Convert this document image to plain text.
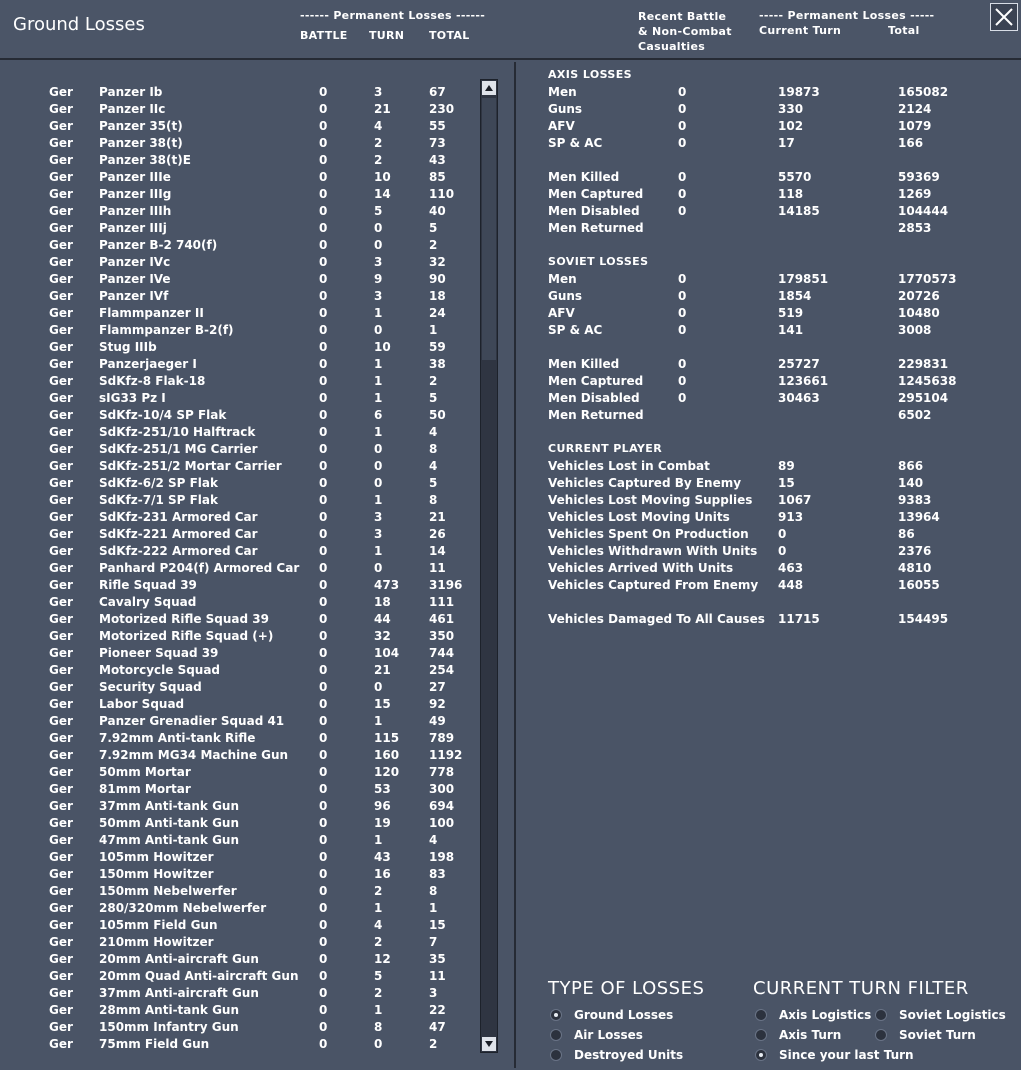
Ground Losses	------ Permanent Losses ------
BATTLE TURN TOTAL
Recent Battle
& Non-Combat
Casualties
----- Permanent Losses -----
Current Turn	Total
Ger Panzer Ib	0	3	67
Ger Panzer IIc	0	21	230
Ger Panzer 35(t)	0	4	55
Ger Panzer 38(t)	0	2	73
Ger Panzer 38(t)E	0	2	43
Ger Panzer IIIe	0	10	85
Ger Panzer IIIg	0	14	110
Ger Panzer IIIh	0	5	40
Ger Panzer IIIj	0	0	5
Ger Panzer B-2 740(f)	0	0	2
Ger Panzer IVc	0	3	32
Ger Panzer IVe	0	9	90
Ger Panzer IVf	0	3	18
Ger Flammpanzer II	0	1	24
Ger Flammpanzer B-2(f)	0	0	1
Ger Stug IIIb	0	10	59
Ger Panzerjaeger I	0	1	38
Ger SdKfz-8 Flak-18	0	1	2
Ger sIG33 Pz I	0	1	5
Ger SdKfz-10/4 SP Flak	0	6	50
Ger SdKfz-251/10 Halftrack	0	1	4
Ger SdKfz-251/1 MG Carrier	0	0	8
Ger SdKfz-251/2 Mortar Carrier	0	0	4
Ger SdKfz-6/2 SP Flak	0	0	5
Ger SdKfz-7/1 SP Flak	0	1	8
Ger SdKfz-231 Armored Car	0	3	21
Ger SdKfz-221 Armored Car	0	3	26
Ger SdKfz-222 Armored Car	0	1	14
Ger Panhard P204(f) Armored Car 0	0	11
Ger Rifle Squad 39	0	473 3196
Ger Cavalry Squad	0	18	111
Ger Motorized Rifle Squad 39	0	44	461
Ger Motorized Rifle Squad (+)	0	32	350
Ger Pioneer Squad 39	0	104 744
Ger Motorcycle Squad	0	21	254
Ger Security Squad	0	0	27
Ger Labor Squad	0	15	92
Ger Panzer Grenadier Squad 41	0	1	49
Ger 7.92mm Anti-tank Rifle	0	115 789
Ger 7.92mm MG34 Machine Gun	0	160 1192
Ger 50mm Mortar	0	120 778
Ger 81mm Mortar	0	53	300
Ger 37mm Anti-tank Gun	0	96	694
Ger 50mm Anti-tank Gun	0	19	100
Ger 47mm Anti-tank Gun	0	1	4
Ger 105mm Howitzer	0	43	198
Ger 150mm Howitzer	0	16	83
Ger 150mm Nebelwerfer	0	2	8
Ger 280/320mm Nebelwerfer	0	1	1
Ger 105mm Field Gun	0	4	15
Ger 210mm Howitzer	0	2	7
Ger 20mm Anti-aircraft Gun	0	12	35
Ger 20mm Quad Anti-aircraft Gun 0	5	11
Ger 37mm Anti-aircraft Gun	0	2	3
Ger 28mm Anti-tank Gun	0	1	22
Ger 150mm Infantry Gun	0	8	47
Ger 75mm Field Gun	0	0	2
AXIS LOSSES
Men	0	19873	165082
Guns	0	330	2124
AFV	0	102	1079
SP & AC	0	17	166
Men Killed	0	5570	59369
Men Captured	0	118	1269
Men Disabled	0	14185	104444
Men Returned	2853
SOVIET LOSSES
Men	0	179851	1770573
Guns	0	1854	20726
AFV	0	519	10480
SP & AC	0	141	3008
Men Killed	0	25727	229831
Men Captured	0	123661	1245638
Men Disabled	0	30463	295104
Men Returned	6502
CURRENT PLAYER
Vehicles Lost in Combat	89	866
Vehicles Captured By Enemy	15	140
Vehicles Lost Moving Supplies 1067	9383
Vehicles Lost Moving Units	913	13964
Vehicles Spent On Production 0	86
Vehicles Withdrawn With Units 0	2376
Vehicles Arrived With Units	463	4810
Vehicles Captured From Enemy 448	16055
Vehicles Damaged To All Causes 11715	154495
TYPE OF LOSSES
Ground Losses
Air Losses
Destroyed Units
CURRENT TURN FILTER
Axis Logistics Soviet Logistics
Axis Turn	Soviet Turn
Since your last Turn
